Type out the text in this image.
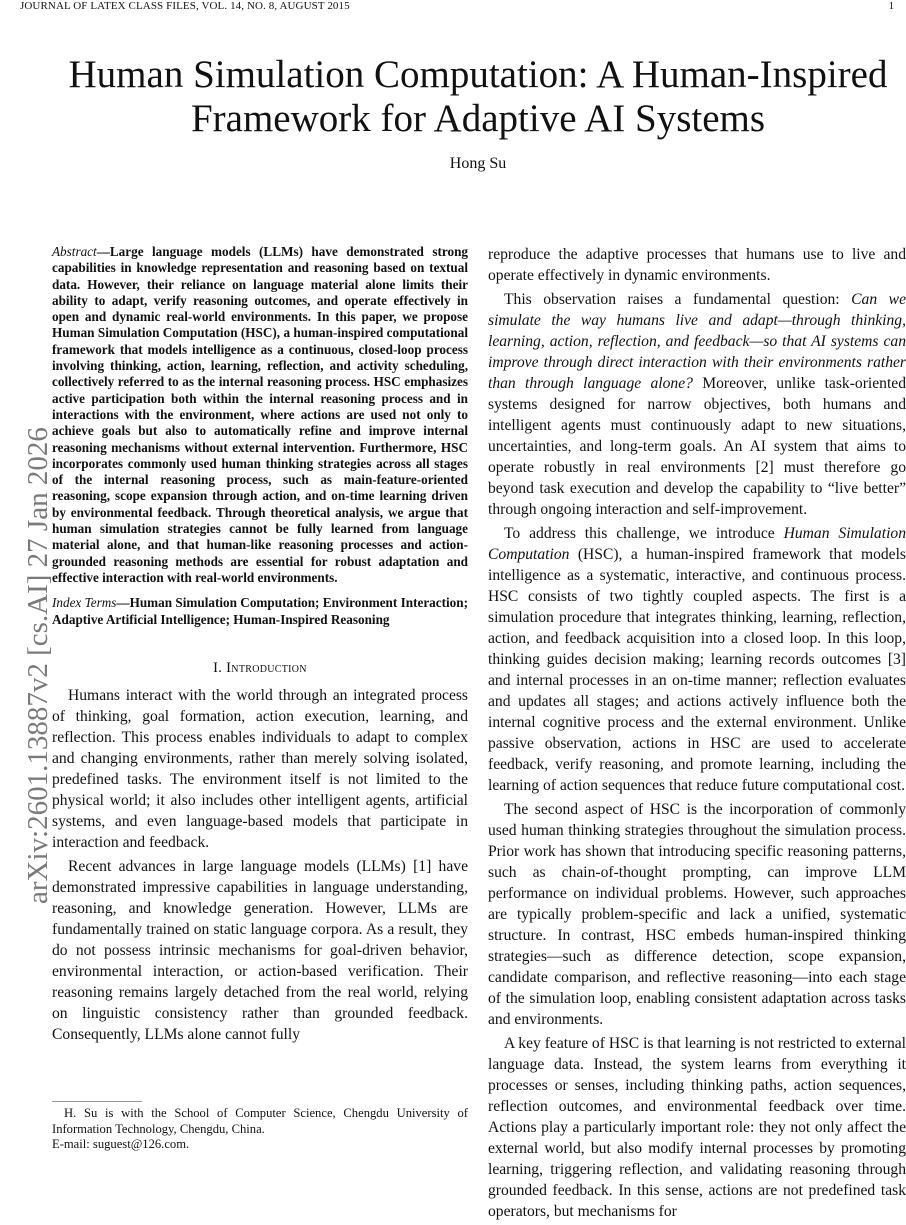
JOURNAL OF LATEX CLASS FILES, VOL. 14, NO. 8, AUGUST 2015	1
arXiv:2601.13887v2 [cs.AI] 27 Jan 2026
Human Simulation Computation: A Human-Inspired Framework for Adaptive AI Systems
Hong Su

Abstract—Large language models (LLMs) have demonstrated strong capabilities in knowledge representation and reasoning based on textual data. However, their reliance on language material alone limits their ability to adapt, verify reasoning outcomes, and operate effectively in open and dynamic real-world environments. In this paper, we propose Human Simulation Computation (HSC), a human-inspired computational framework that models intelligence as a continuous, closed-loop process involving thinking, action, learning, reflection, and activity scheduling, collectively referred to as the internal reasoning process. HSC emphasizes active participation both within the internal reasoning process and in interactions with the environment, where actions are used not only to achieve goals but also to automatically refine and improve internal reasoning mechanisms without external intervention. Furthermore, HSC incorporates commonly used human thinking strategies across all stages of the internal reasoning process, such as main-feature-oriented reasoning, scope expansion through action, and on-time learning driven by environmental feedback. Through theoretical analysis, we argue that human simulation strategies cannot be fully learned from language material alone, and that human-like reasoning processes and action-grounded reasoning methods are essential for robust adaptation and effective interaction with real-world environments.

Index Terms—Human Simulation Computation; Environment Interaction; Adaptive Artificial Intelligence; Human-Inspired Reasoning

I. Introduction

Humans interact with the world through an integrated process of thinking, goal formation, action execution, learning, and reflection. This process enables individuals to adapt to complex and changing environments, rather than merely solving isolated, predefined tasks. The environment itself is not limited to the physical world; it also includes other intelligent agents, artificial systems, and even language-based models that participate in interaction and feedback.

Recent advances in large language models (LLMs) [1] have demonstrated impressive capabilities in language understanding, reasoning, and knowledge generation. However, LLMs are fundamentally trained on static language corpora. As a result, they do not possess intrinsic mechanisms for goal-driven behavior, environmental interaction, or action-based verification. Their reasoning remains largely detached from the real world, relying on linguistic consistency rather than grounded feedback. Consequently, LLMs alone cannot fully

H. Su is with the School of Computer Science, Chengdu University of Information Technology, Chengdu, China.

E-mail: suguest@126.com.

reproduce the adaptive processes that humans use to live and operate effectively in dynamic environments.

This observation raises a fundamental question: Can we simulate the way humans live and adapt—through thinking, learning, action, reflection, and feedback—so that AI systems can improve through direct interaction with their environments rather than through language alone? Moreover, unlike task-oriented systems designed for narrow objectives, both humans and intelligent agents must continuously adapt to new situations, uncertainties, and long-term goals. An AI system that aims to operate robustly in real environments [2] must therefore go beyond task execution and develop the capability to “live better” through ongoing interaction and self-improvement.

To address this challenge, we introduce Human Simulation Computation (HSC), a human-inspired framework that models intelligence as a systematic, interactive, and continuous process. HSC consists of two tightly coupled aspects. The first is a simulation procedure that integrates thinking, learning, reflection, action, and feedback acquisition into a closed loop. In this loop, thinking guides decision making; learning records outcomes [3] and internal processes in an on-time manner; reflection evaluates and updates all stages; and actions actively influence both the internal cognitive process and the external environment. Unlike passive observation, actions in HSC are used to accelerate feedback, verify reasoning, and promote learning, including the learning of action sequences that reduce future computational cost.

The second aspect of HSC is the incorporation of commonly used human thinking strategies throughout the simulation process. Prior work has shown that introducing specific reasoning patterns, such as chain-of-thought prompting, can improve LLM performance on individual problems. However, such approaches are typically problem-specific and lack a unified, systematic structure. In contrast, HSC embeds human-inspired thinking strategies—such as difference detection, scope expansion, candidate comparison, and reflective reasoning—into each stage of the simulation loop, enabling consistent adaptation across tasks and environments.

A key feature of HSC is that learning is not restricted to external language data. Instead, the system learns from everything it processes or senses, including thinking paths, action sequences, reflection outcomes, and environmental feedback over time. Actions play a particularly important role: they not only affect the external world, but also modify internal processes by promoting learning, triggering reflection, and validating reasoning through grounded feedback. In this sense, actions are not predefined task operators, but mechanisms for
